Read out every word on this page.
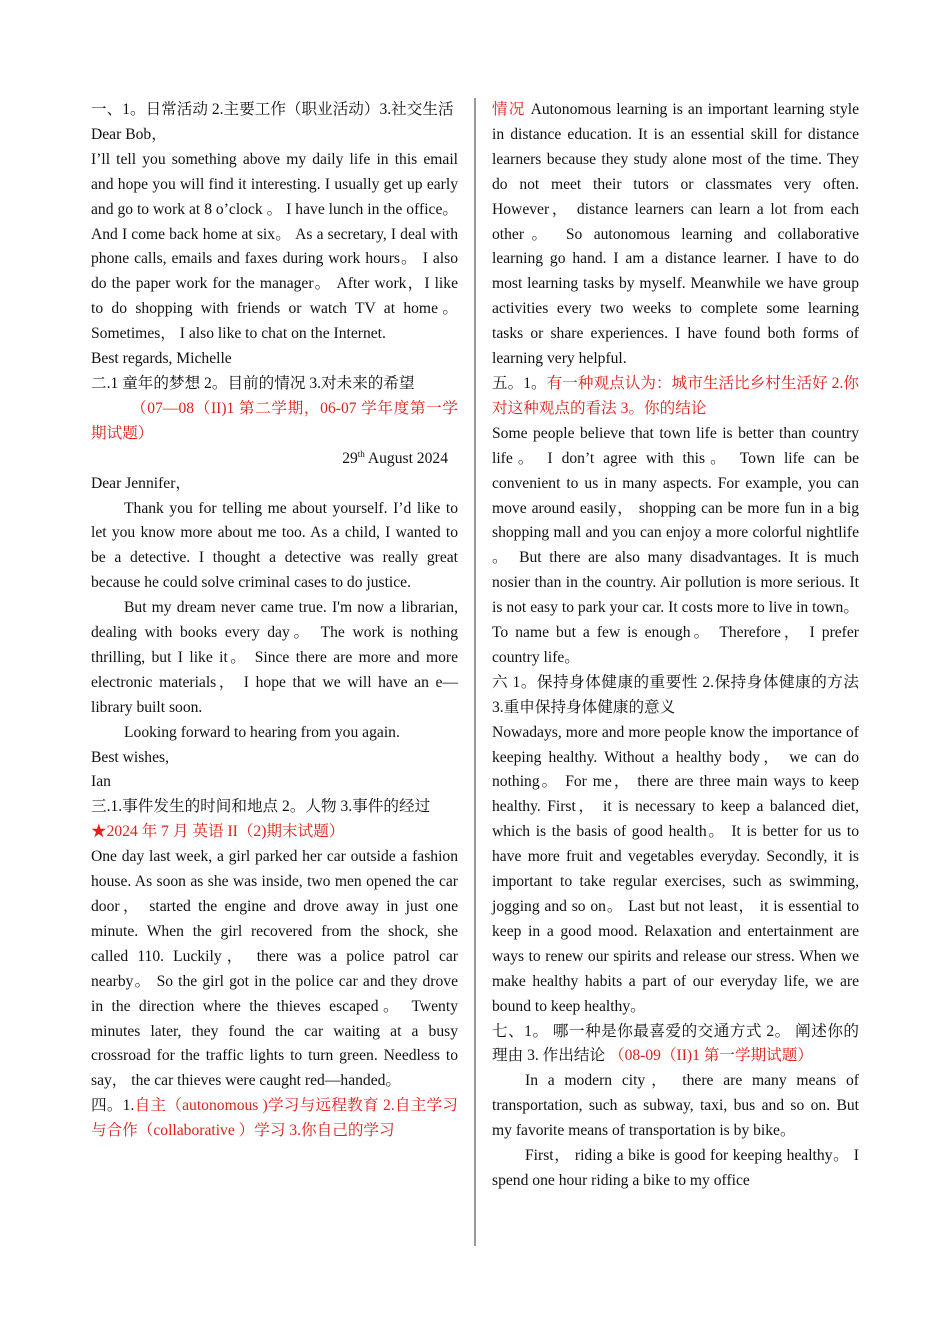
一、1。日常活动 2.主要工作（职业活动）3.社交生活

Dear Bob，

I’ll tell you something above my daily life in this email and hope you will find it interesting. I usually get up early and go to work at 8 o’clock 。 I have lunch in the office。 And I come back home at six。 As a secretary, I deal with phone calls, emails and faxes during work hours。 I also do the paper work for the manager。 After work，I like to do shopping with friends or watch TV at home。 Sometimes， I also like to chat on the Internet.

Best regards, Michelle

二.1 童年的梦想 2。目前的情况 3.对未来的希望
（07—08（II)1 第二学期，06-07 学年度第一学期试题）

29th August 2024

Dear Jennifer，

Thank you for telling me about yourself. I’d like to let you know more about me too. As a child, I wanted to be a detective. I thought a detective was really great because he could solve criminal cases to do justice.

But my dream never came true. I'm now a librarian, dealing with books every day。 The work is nothing thrilling, but I like it。 Since there are more and more electronic materials， I hope that we will have an e—library built soon.

Looking forward to hearing from you again.

Best wishes,

Ian

三.1.事件发生的时间和地点 2。人物 3.事件的经过

★2024 年 7 月 英语 II（2)期末试题）

One day last week, a girl parked her car outside a fashion house. As soon as she was inside, two men opened the car door， started the engine and drove away in just one minute. When the girl recovered from the shock, she called 110. Luckily， there was a police patrol car nearby。 So the girl got in the police car and they drove in the direction where the thieves escaped。 Twenty minutes later, they found the car waiting at a busy crossroad for the traffic lights to turn green. Needless to say， the car thieves were caught red—handed。

四。1.自主（autonomous )学习与远程教育 2.自主学习与合作（collaborative ）学习 3.你自己的学习

情况 Autonomous learning is an important learning style in distance education. It is an essential skill for distance learners because they study alone most of the time. They do not meet their tutors or classmates very often. However， distance learners can learn a lot from each other。 So autonomous learning and collaborative learning go hand. I am a distance learner. I have to do most learning tasks by myself. Meanwhile we have group activities every two weeks to complete some learning tasks or share experiences. I have found both forms of learning very helpful.

五。1。有一种观点认为：城市生活比乡村生活好 2.你对这种观点的看法 3。你的结论

Some people believe that town life is better than country life。 I don’t agree with this。 Town life can be convenient to us in many aspects. For example, you can move around easily， shopping can be more fun in a big shopping mall and you can enjoy a more colorful nightlife 。 But there are also many disadvantages. It is much nosier than in the country. Air pollution is more serious. It is not easy to park your car. It costs more to live in town。 To name but a few is enough。 Therefore， I prefer country life。

六 1。保持身体健康的重要性 2.保持身体健康的方法 3.重申保持身体健康的意义

Nowadays, more and more people know the importance of keeping healthy. Without a healthy body， we can do nothing。 For me， there are three main ways to keep healthy. First， it is necessary to keep a balanced diet, which is the basis of good health。 It is better for us to have more fruit and vegetables everyday. Secondly, it is important to take regular exercises, such as swimming, jogging and so on。 Last but not least， it is essential to keep in a good mood. Relaxation and entertainment are ways to renew our spirits and release our stress. When we make healthy habits a part of our everyday life, we are bound to keep healthy。

七、1。 哪一种是你最喜爱的交通方式 2。 阐述你的理由 3. 作出结论 （08-09（II)1 第一学期试题）

In a modern city， there are many means of transportation, such as subway, taxi, bus and so on. But my favorite means of transportation is by bike。

First， riding a bike is good for keeping healthy。 I spend one hour riding a bike to my office
